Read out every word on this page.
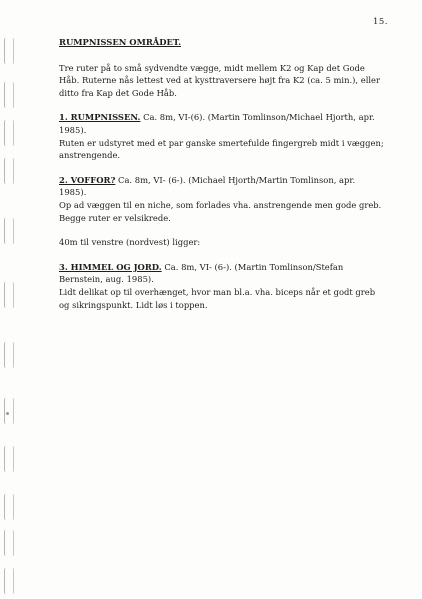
15.
RUMPNISSEN OMRÅDET.

Tre ruter på to små sydvendte vægge, midt mellem K2 og Kap det Gode Håb. Ruterne nås lettest ved at kysttraversere højt fra K2 (ca. 5 min.), eller ditto fra Kap det Gode Håb.

1. RUMPNISSEN. Ca. 8m, VI-(6). (Martin Tomlinson/Michael Hjorth, apr. 1985).
Ruten er udstyret med et par ganske smertefulde fingergreb midt i væggen; anstrengende.
2. VOFFOR? Ca. 8m, VI- (6-). (Michael Hjorth/Martin Tomlinson, apr. 1985).
Op ad væggen til en niche, som forlades vha. anstrengende men gode greb.
Begge ruter er velsikrede.

40m til venstre (nordvest) ligger:

3. HIMMEL OG JORD. Ca. 8m, VI- (6-). (Martin Tomlinson/Stefan Bernstein, aug. 1985).
Lidt delikat op til overhænget, hvor man bl.a. vha. biceps når et godt greb og sikringspunkt. Lidt løs i toppen.
